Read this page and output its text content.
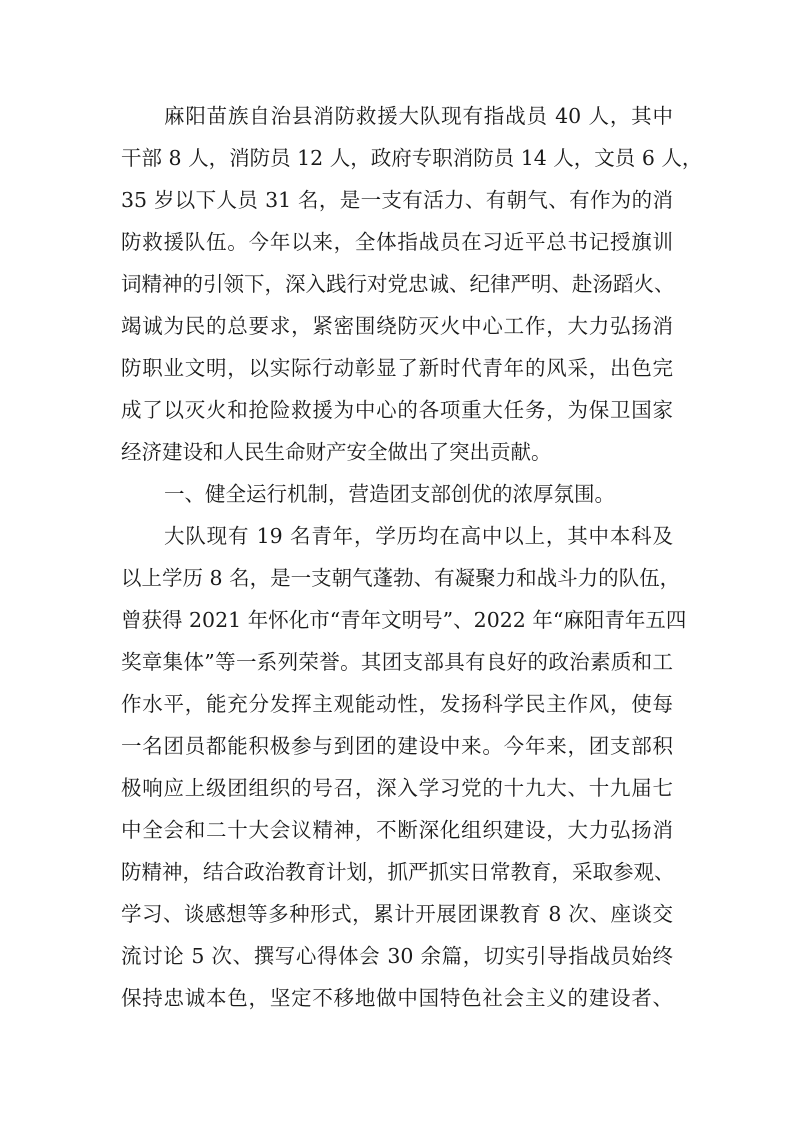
麻阳苗族自治县消防救援大队现有指战员 40 人，其中
干部 8 人，消防员 12 人，政府专职消防员 14 人，文员 6 人，
35 岁以下人员 31 名，是一支有活力、有朝气、有作为的消
防救援队伍。今年以来，全体指战员在习近平总书记授旗训
词精神的引领下，深入践行对党忠诚、纪律严明、赴汤蹈火、
竭诚为民的总要求，紧密围绕防灭火中心工作，大力弘扬消
防职业文明，以实际行动彰显了新时代青年的风采，出色完
成了以灭火和抢险救援为中心的各项重大任务，为保卫国家
经济建设和人民生命财产安全做出了突出贡献。
一、健全运行机制，营造团支部创优的浓厚氛围。
大队现有 19 名青年，学历均在高中以上，其中本科及
以上学历 8 名，是一支朝气蓬勃、有凝聚力和战斗力的队伍，
曾获得 2021 年怀化市“青年文明号”、2022 年“麻阳青年五四
奖章集体”等一系列荣誉。其团支部具有良好的政治素质和工
作水平，能充分发挥主观能动性，发扬科学民主作风，使每
一名团员都能积极参与到团的建设中来。今年来，团支部积
极响应上级团组织的号召，深入学习党的十九大、十九届七
中全会和二十大会议精神，不断深化组织建设，大力弘扬消
防精神，结合政治教育计划，抓严抓实日常教育，采取参观、
学习、谈感想等多种形式，累计开展团课教育 8 次、座谈交
流讨论 5 次、撰写心得体会 30 余篇，切实引导指战员始终
保持忠诚本色，坚定不移地做中国特色社会主义的建设者、
